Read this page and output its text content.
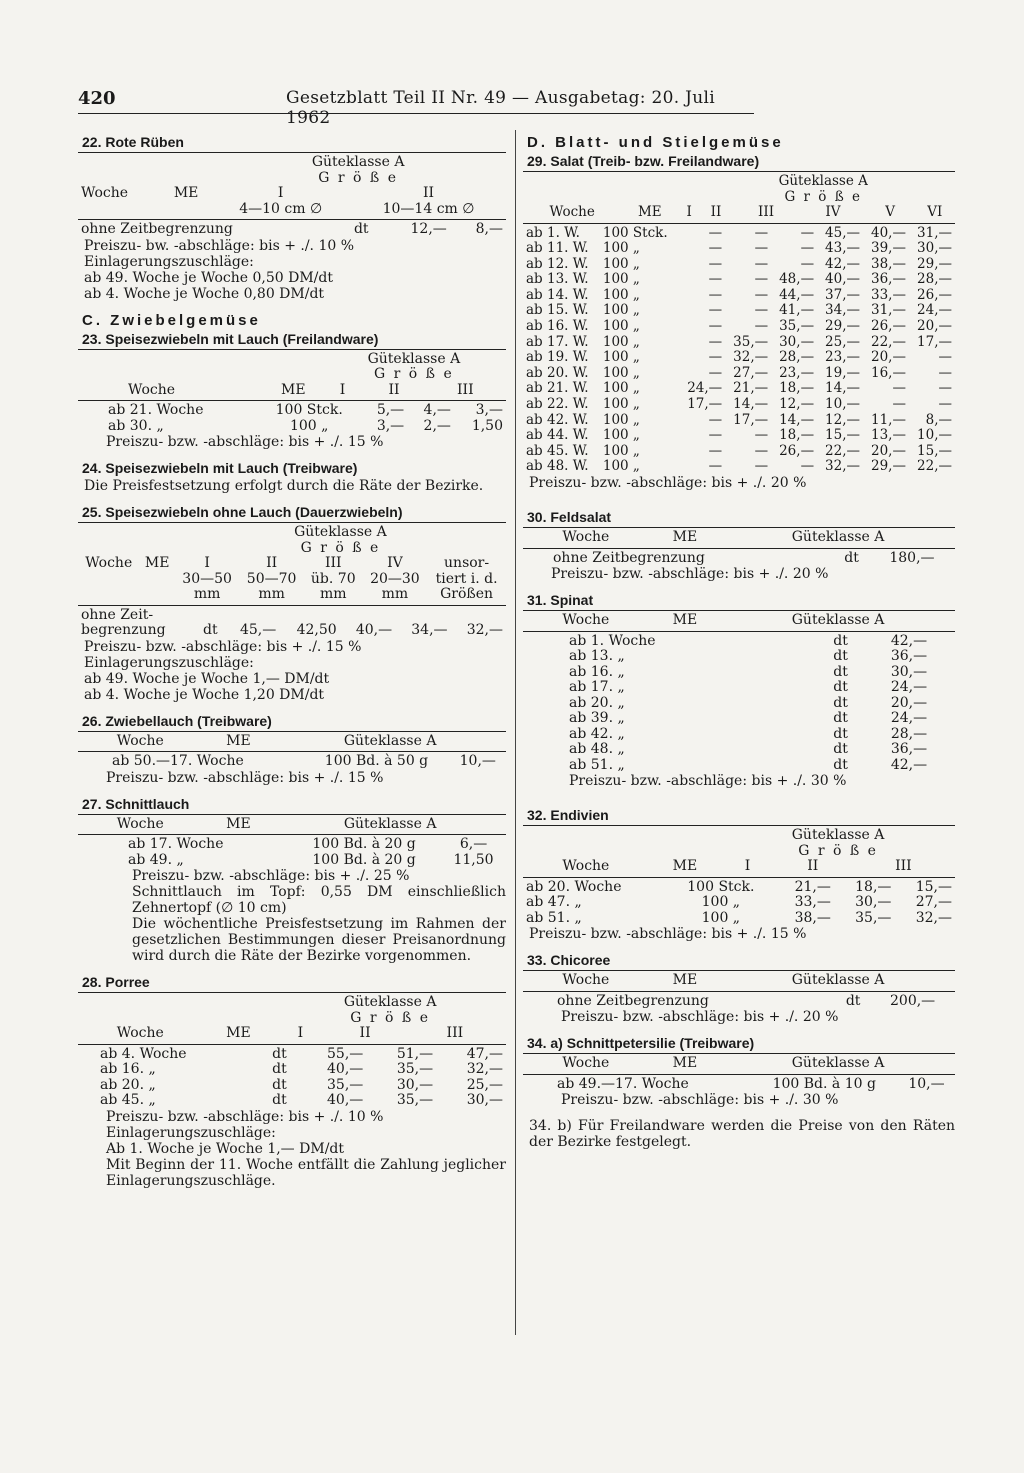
420	Gesetzblatt Teil II Nr. 49 — Ausgabetag: 20. Juli 1962
22. Rote Rüben
		Güteklasse A	
		G r ö ß e	
Woche	ME	I	II
		4—10 cm ∅	10—14 cm ∅
ohne Zeitbegrenzung	dt	12,—	8,—
Preiszu- bw. -abschläge: bis + ./. 10 %
Einlagerungszuschläge:
ab 49. Woche je Woche 0,50 DM/dt
ab 4. Woche je Woche 0,80 DM/dt
C. Zwiebelgemüse
23. Speisezwiebeln mit Lauch (Freilandware)
		Güteklasse A		
		G r ö ß e		
Woche	ME	I	II	III
ab 21. Woche	100 Stck.	5,—	4,—	3,—
ab 30. „	100 „	3,—	2,—	1,50
Preiszu- bzw. -abschläge: bis + ./. 15 %
24. Speisezwiebeln mit Lauch (Treibware)
Die Preisfestsetzung erfolgt durch die Räte der Bezirke.
25. Speisezwiebeln ohne Lauch (Dauerzwiebeln)
		Güteklasse A				
		G r ö ß e				
Woche	ME	I	II	III	IV	unsor-
		30—50	50—70	üb. 70	20—30	tiert i. d.
		mm	mm	mm	mm	Größen
ohne Zeit-						
begrenzung	dt	45,—	42,50	40,—	34,—	32,—
Preiszu- bzw. -abschläge: bis + ./. 15 %
Einlagerungszuschläge:
ab 49. Woche je Woche 1,— DM/dt
ab 4. Woche je Woche 1,20 DM/dt
26. Zwiebellauch (Treibware)
Woche	ME	Güteklasse A
ab 50.—17. Woche	100 Bd. à 50 g	10,—
Preiszu- bzw. -abschläge: bis + ./. 15 %
27. Schnittlauch
Woche	ME	Güteklasse A
ab 17. Woche	100 Bd. à 20 g	6,—
ab 49. „	100 Bd. à 20 g	11,50
Preiszu- bzw. -abschläge: bis + ./. 25 %
Schnittlauch im Topf: 0,55 DM einschließlich Zehnertopf (∅ 10 cm)
Die wöchentliche Preisfestsetzung im Rahmen der gesetzlichen Bestimmungen dieser Preisanordnung wird durch die Räte der Bezirke vorgenommen.
28. Porree
		Güteklasse A		
		G r ö ß e		
Woche	ME	I	II	III
ab 4. Woche	dt	55,—	51,—	47,—
ab 16. „	dt	40,—	35,—	32,—
ab 20. „	dt	35,—	30,—	25,—
ab 45. „	dt	40,—	35,—	30,—
Preiszu- bzw. -abschläge: bis + ./. 10 %
Einlagerungszuschläge:
Ab 1. Woche je Woche 1,— DM/dt
Mit Beginn der 11. Woche entfällt die Zahlung jeglicher Einlagerungszuschläge.
D. Blatt- und Stielgemüse
29. Salat (Treib- bzw. Freilandware)
				Güteklasse A			
				G r ö ß e			
Woche	ME	I	II	III	IV	V	VI
ab 1. W.	100 Stck.	—	—	—	45,—	40,—	31,—
ab 11. W.	100 „	—	—	—	43,—	39,—	30,—
ab 12. W.	100 „	—	—	—	42,—	38,—	29,—
ab 13. W.	100 „	—	—	48,—	40,—	36,—	28,—
ab 14. W.	100 „	—	—	44,—	37,—	33,—	26,—
ab 15. W.	100 „	—	—	41,—	34,—	31,—	24,—
ab 16. W.	100 „	—	—	35,—	29,—	26,—	20,—
ab 17. W.	100 „	—	35,—	30,—	25,—	22,—	17,—
ab 19. W.	100 „	—	32,—	28,—	23,—	20,—	—
ab 20. W.	100 „	—	27,—	23,—	19,—	16,—	—
ab 21. W.	100 „	24,—	21,—	18,—	14,—	—	—
ab 22. W.	100 „	17,—	14,—	12,—	10,—	—	—
ab 42. W.	100 „	—	17,—	14,—	12,—	11,—	8,—
ab 44. W.	100 „	—	—	18,—	15,—	13,—	10,—
ab 45. W.	100 „	—	—	26,—	22,—	20,—	15,—
ab 48. W.	100 „	—	—	—	32,—	29,—	22,—
Preiszu- bzw. -abschläge: bis + ./. 20 %
30. Feldsalat
Woche	ME	Güteklasse A
ohne Zeitbegrenzung	dt	180,—
Preiszu- bzw. -abschläge: bis + ./. 20 %
31. Spinat
Woche	ME	Güteklasse A
ab 1. Woche	dt	42,—
ab 13. „	dt	36,—
ab 16. „	dt	30,—
ab 17. „	dt	24,—
ab 20. „	dt	20,—
ab 39. „	dt	24,—
ab 42. „	dt	28,—
ab 48. „	dt	36,—
ab 51. „	dt	42,—
Preiszu- bzw. -abschläge: bis + ./. 30 %
32. Endivien
		Güteklasse A		
		G r ö ß e		
Woche	ME	I	II	III
ab 20. Woche	100 Stck.	21,—	18,—	15,—
ab 47. „	100 „	33,—	30,—	27,—
ab 51. „	100 „	38,—	35,—	32,—
Preiszu- bzw. -abschläge: bis + ./. 15 %
33. Chicoree
Woche	ME	Güteklasse A
ohne Zeitbegrenzung	dt	200,—
Preiszu- bzw. -abschläge: bis + ./. 20 %
34. a) Schnittpetersilie (Treibware)
Woche	ME	Güteklasse A
ab 49.—17. Woche	100 Bd. à 10 g	10,—
Preiszu- bzw. -abschläge: bis + ./. 30 %
34. b) Für Freilandware werden die Preise von den Räten der Bezirke festgelegt.
